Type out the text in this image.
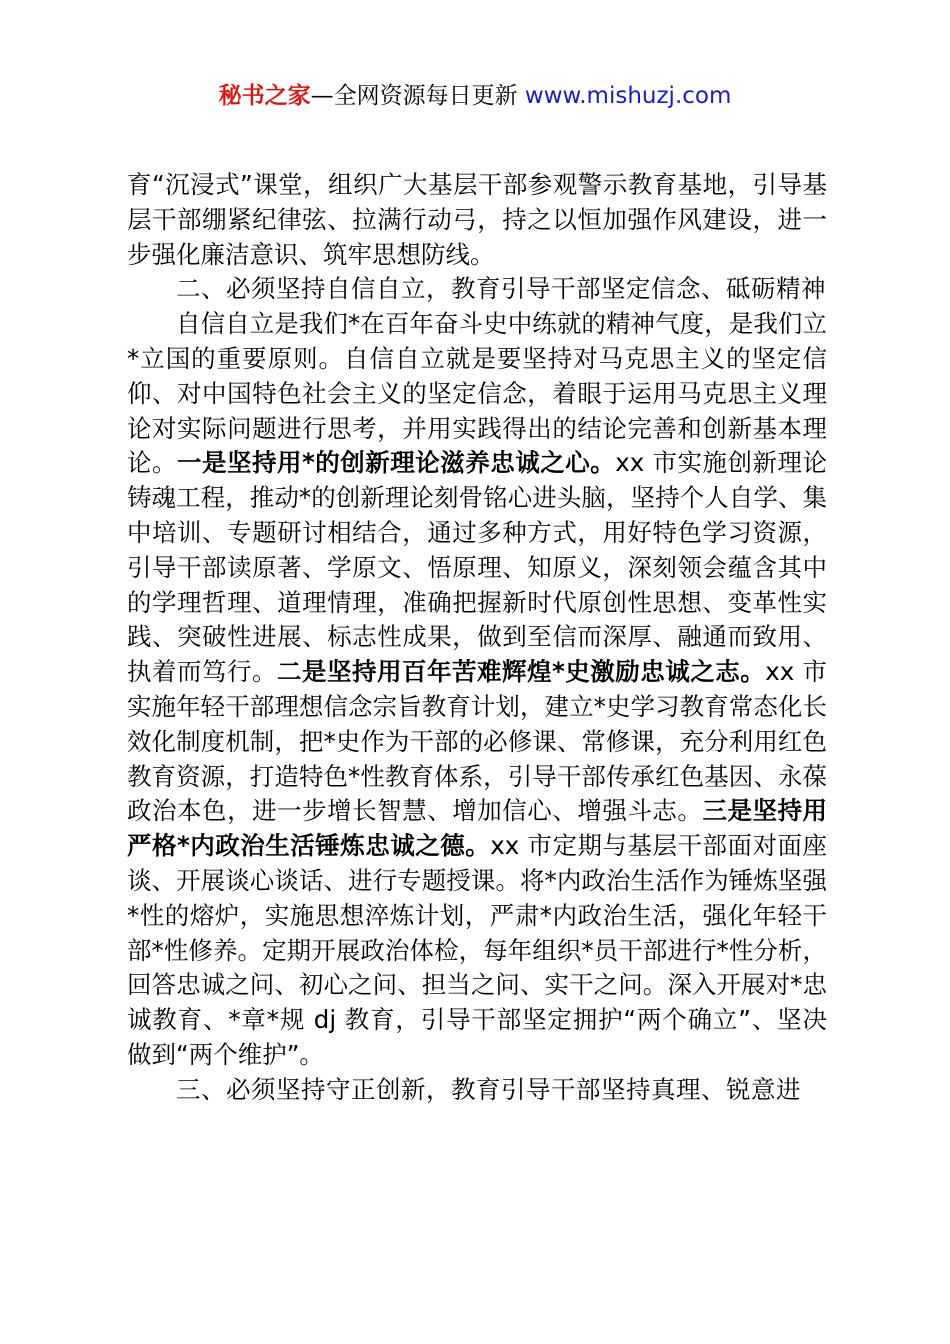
秘书之家—全网资源每日更新 www.mishuzj.com

育“沉浸式”课堂，组织广大基层干部参观警示教育基地，引导基层干部绷紧纪律弦、拉满行动弓，持之以恒加强作风建设，进一步强化廉洁意识、筑牢思想防线。

二、必须坚持自信自立，教育引导干部坚定信念、砥砺精神

自信自立是我们*在百年奋斗史中练就的精神气度，是我们立*立国的重要原则。自信自立就是要坚持对马克思主义的坚定信仰、对中国特色社会主义的坚定信念，着眼于运用马克思主义理论对实际问题进行思考，并用实践得出的结论完善和创新基本理论。一是坚持用*的创新理论滋养忠诚之心。xx 市实施创新理论铸魂工程，推动*的创新理论刻骨铭心进头脑，坚持个人自学、集中培训、专题研讨相结合，通过多种方式，用好特色学习资源，引导干部读原著、学原文、悟原理、知原义，深刻领会蕴含其中的学理哲理、道理情理，准确把握新时代原创性思想、变革性实践、突破性进展、标志性成果，做到至信而深厚、融通而致用、执着而笃行。二是坚持用百年苦难辉煌*史激励忠诚之志。xx 市实施年轻干部理想信念宗旨教育计划，建立*史学习教育常态化长效化制度机制，把*史作为干部的必修课、常修课，充分利用红色教育资源，打造特色*性教育体系，引导干部传承红色基因、永葆政治本色，进一步增长智慧、增加信心、增强斗志。三是坚持用严格*内政治生活锤炼忠诚之德。xx 市定期与基层干部面对面座谈、开展谈心谈话、进行专题授课。将*内政治生活作为锤炼坚强*性的熔炉，实施思想淬炼计划，严肃*内政治生活，强化年轻干部*性修养。定期开展政治体检，每年组织*员干部进行*性分析，回答忠诚之问、初心之问、担当之问、实干之问。深入开展对*忠诚教育、*章*规 dj 教育，引导干部坚定拥护“两个确立”、坚决做到“两个维护”。

三、必须坚持守正创新，教育引导干部坚持真理、锐意进
